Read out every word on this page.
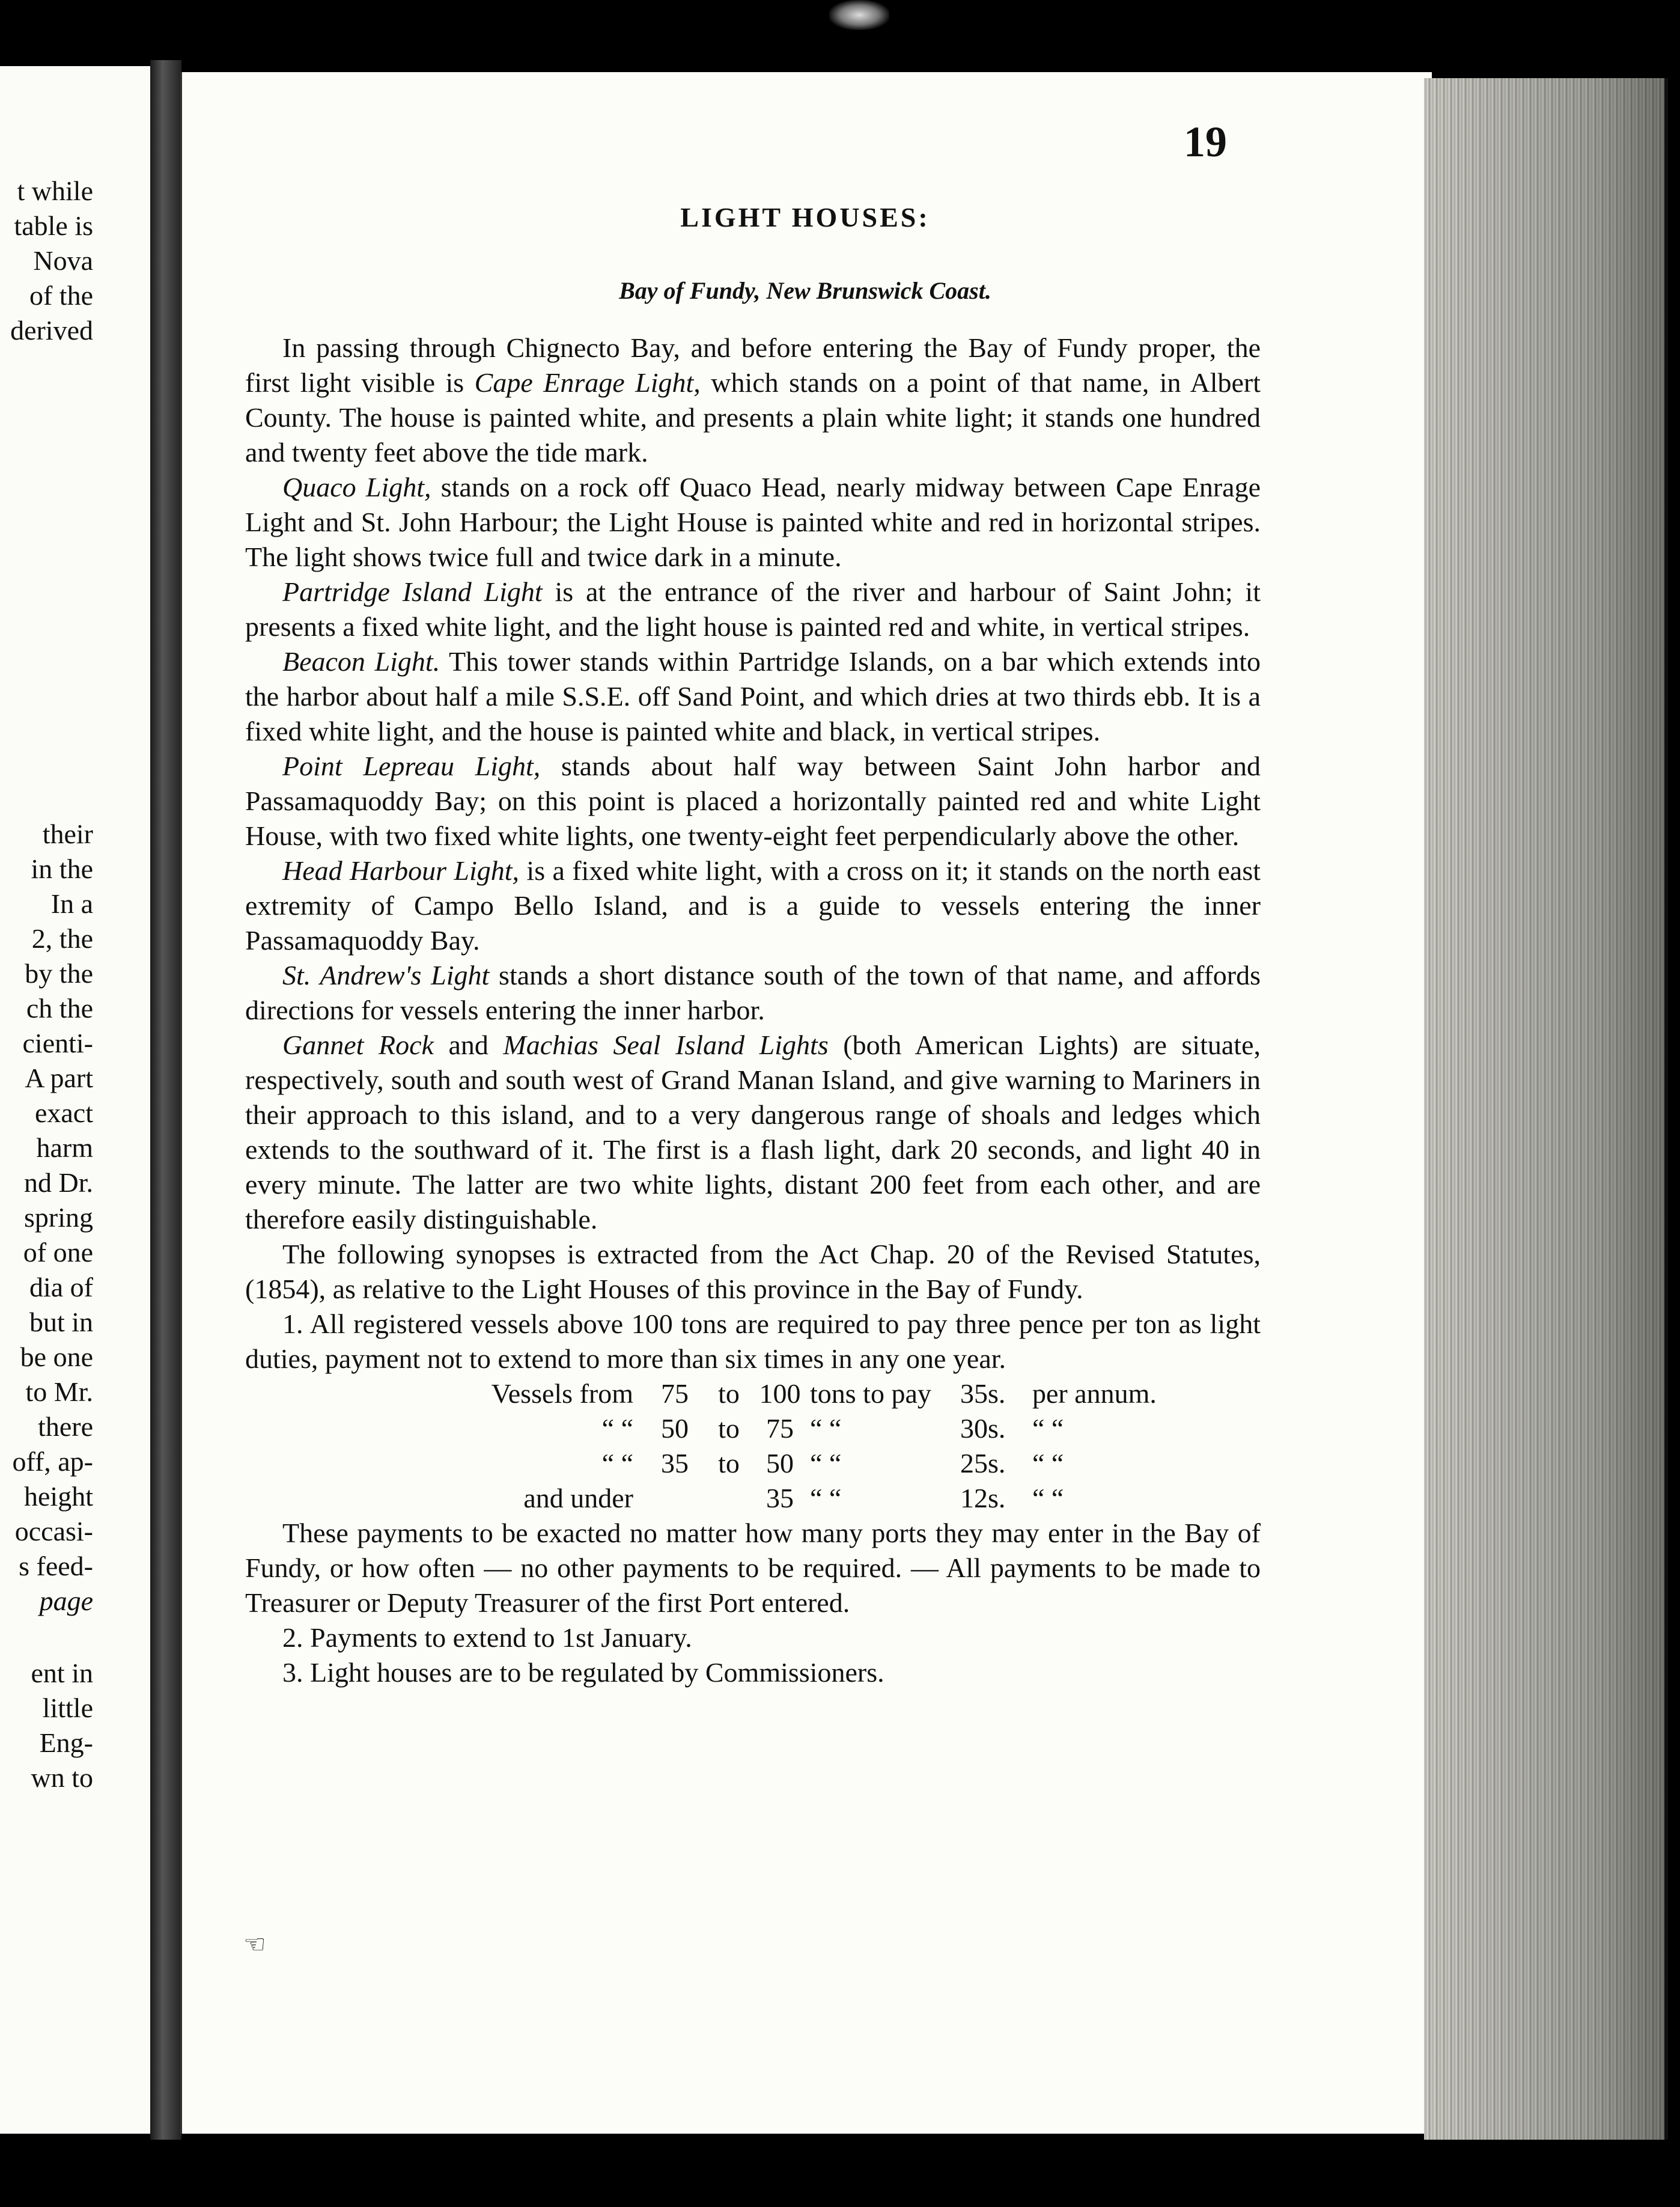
t while
table is
Nova
of the
derived
their
in the
In a
2, the
by the
ch the
cienti-
A part
exact
harm
nd Dr.
spring
of one
dia of
but in
be one
to Mr.
there
off, ap-
height
occasi-
s feed-
page
ent in
little
Eng-
wn to
19
LIGHT HOUSES:
Bay of Fundy, New Brunswick Coast.

In passing through Chignecto Bay, and before entering the Bay of Fundy proper, the first light visible is Cape Enrage Light, which stands on a point of that name, in Albert County. The house is painted white, and presents a plain white light; it stands one hundred and twenty feet above the tide mark.

Quaco Light, stands on a rock off Quaco Head, nearly midway between Cape Enrage Light and St. John Harbour; the Light House is painted white and red in horizontal stripes. The light shows twice full and twice dark in a minute.

Partridge Island Light is at the entrance of the river and harbour of Saint John; it presents a fixed white light, and the light house is painted red and white, in vertical stripes.

Beacon Light. This tower stands within Partridge Islands, on a bar which extends into the harbor about half a mile S.S.E. off Sand Point, and which dries at two thirds ebb. It is a fixed white light, and the house is painted white and black, in vertical stripes.

Point Lepreau Light, stands about half way between Saint John harbor and Passamaquoddy Bay; on this point is placed a horizontally painted red and white Light House, with two fixed white lights, one twenty-eight feet perpendicularly above the other.

Head Harbour Light, is a fixed white light, with a cross on it; it stands on the north east extremity of Campo Bello Island, and is a guide to vessels entering the inner Passamaquoddy Bay.

St. Andrew's Light stands a short distance south of the town of that name, and affords directions for vessels entering the inner harbor.

Gannet Rock and Machias Seal Island Lights (both American Lights) are situate, respectively, south and south west of Grand Manan Island, and give warning to Mariners in their approach to this island, and to a very dangerous range of shoals and ledges which extends to the southward of it. The first is a flash light, dark 20 seconds, and light 40 in every minute. The latter are two white lights, distant 200 feet from each other, and are therefore easily distinguishable.

The following synopses is extracted from the Act Chap. 20 of the Revised Statutes, (1854), as relative to the Light Houses of this province in the Bay of Fundy.

1. All registered vessels above 100 tons are required to pay three pence per ton as light duties, payment not to extend to more than six times in any one year.

Vessels from	75	to 100 tons to pay	35s. per annum.
“ “	50	to 75 “ “	30s. “ “
“ “	35	to 50 “ “	25s. “ “
and under	35 “ “	12s. “ “

These payments to be exacted no matter how many ports they may enter in the Bay of Fundy, or how often — no other payments to be required. — All payments to be made to Treasurer or Deputy Treasurer of the first Port entered.

2. Payments to extend to 1st January.

3. Light houses are to be regulated by Commissioners.

☜
